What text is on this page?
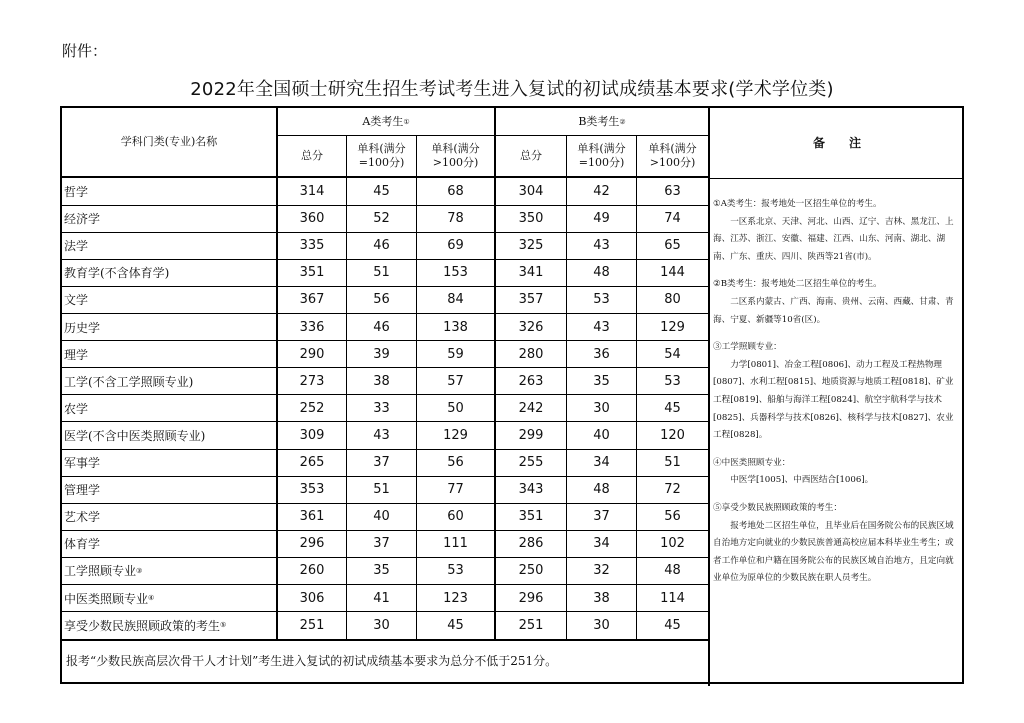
附件：
2022年全国硕士研究生招生考试考生进入复试的初试成绩基本要求(学术学位类)
学科门类(专业)名称
A类考生 ①	B类考生 ②
总分
单科(满分
=100分)
单科(满分
>100分)
总分
单科(满分
=100分)
单科(满分
>100分)
备　　注
哲学	314	45	68	304	42	63
经济学	360	52	78	350	49	74
法学	335	46	69	325	43	65
教育学(不含体育学)	351	51	153	341	48	144
文学	367	56	84	357	53	80
历史学	336	46	138	326	43	129
理学	290	39	59	280	36	54
工学(不含工学照顾专业)	273	38	57	263	35	53
农学	252	33	50	242	30	45
医学(不含中医类照顾专业)	309	43	129	299	40	120
军事学	265	37	56	255	34	51
管理学	353	51	77	343	48	72
艺术学	361	40	60	351	37	56
体育学	296	37	111	286	34	102
工学照顾专业 ③	260	35	53	250	32	48
中医类照顾专业 ④	306	41	123	296	38	114
享受少数民族照顾政策的考生 ⑤	251	30	45	251	30	45

①A类考生：报考地处一区招生单位的考生。

　　一区系北京、天津、河北、山西、辽宁、吉林、黑龙江、上海、江苏、浙江、安徽、福建、江西、山东、河南、湖北、湖南、广东、重庆、四川、陕西等21省(市)。

②B类考生：报考地处二区招生单位的考生。

　　二区系内蒙古、广西、海南、贵州、云南、西藏、甘肃、青海、宁夏、新疆等10省(区)。

③工学照顾专业：

　　力学[0801]、冶金工程[0806]、动力工程及工程热物理[0807]、水利工程[0815]、地质资源与地质工程[0818]、矿业工程[0819]、船舶与海洋工程[0824]、航空宇航科学与技术[0825]、兵器科学与技术[0826]、核科学与技术[0827]、农业工程[0828]。

④中医类照顾专业：

　　中医学[1005]、中西医结合[1006]。

⑤享受少数民族照顾政策的考生：

　　报考地处二区招生单位，且毕业后在国务院公布的民族区域自治地方定向就业的少数民族普通高校应届本科毕业生考生；或者工作单位和户籍在国务院公布的民族区域自治地方，且定向就业单位为原单位的少数民族在职人员考生。

报考“少数民族高层次骨干人才计划”考生进入复试的初试成绩基本要求为总分不低于251分。
